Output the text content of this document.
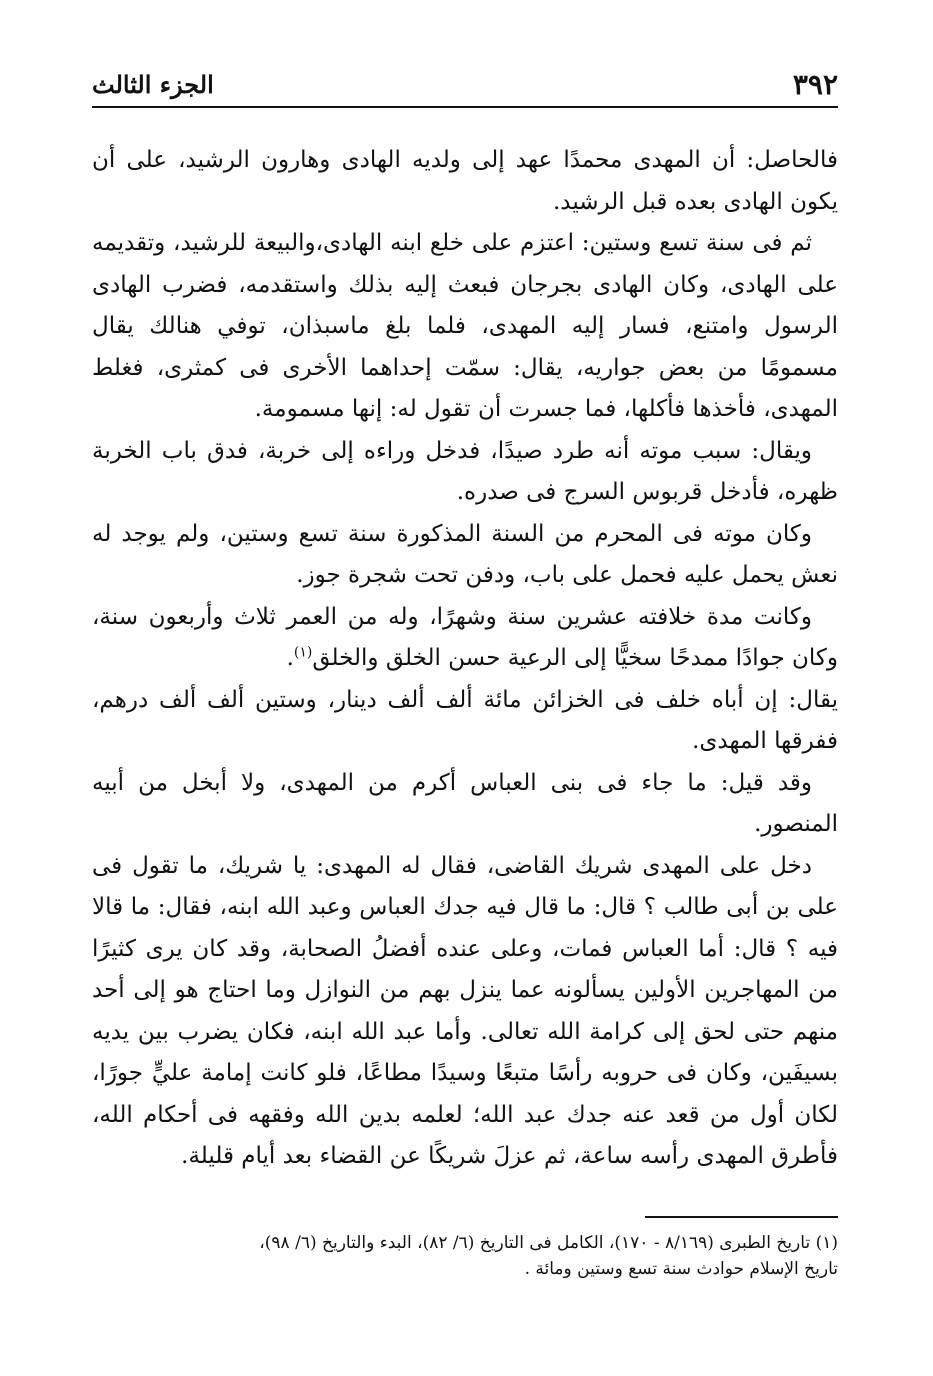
٣٩٢
الجزء الثالث

فالحاصل: أن المهدى محمدًا عهد إلى ولديه الهادى وهارون الرشيد، على أن يكون الهادى بعده قبل الرشيد.

ثم فى سنة تسع وستين: اعتزم على خلع ابنه الهادى،والبيعة للرشيد، وتقديمه على الهادى، وكان الهادى بجرجان فبعث إليه بذلك واستقدمه، فضرب الهادى الرسول وامتنع، فسار إليه المهدى، فلما بلغ ماسبذان، توفي هنالك يقال مسمومًا من بعض جواريه، يقال: سمّت إحداهما الأخرى فى كمثرى، فغلط المهدى، فأخذها فأكلها، فما جسرت أن تقول له: إنها مسمومة.

ويقال: سبب موته أنه طرد صيدًا، فدخل وراءه إلى خربة، فدق باب الخربة ظهره، فأدخل قربوس السرج فى صدره.

وكان موته فى المحرم من السنة المذكورة سنة تسع وستين، ولم يوجد له نعش يحمل عليه فحمل على باب، ودفن تحت شجرة جوز.

وكانت مدة خلافته عشرين سنة وشهرًا، وله من العمر ثلاث وأربعون سنة، وكان جوادًا ممدحًا سخيًّا إلى الرعية حسن الخلق والخلق$^{(١)}$.

يقال: إن أباه خلف فى الخزائن مائة ألف ألف دينار، وستين ألف ألف درهم، ففرقها المهدى.

وقد قيل: ما جاء فى بنى العباس أكرم من المهدى، ولا أبخل من أبيه المنصور.

دخل على المهدى شريك القاضى، فقال له المهدى: يا شريك، ما تقول فى على بن أبى طالب ؟ قال: ما قال فيه جدك العباس وعبد الله ابنه، فقال: ما قالا فيه ؟ قال: أما العباس فمات، وعلى عنده أفضلُ الصحابة، وقد كان يرى كثيرًا من المهاجرين الأولين يسألونه عما ينزل بهم من النوازل وما احتاج هو إلى أحد منهم حتى لحق إلى كرامة الله تعالى. وأما عبد الله ابنه، فكان يضرب بين يديه بسيفَين، وكان فى حروبه رأسًا متبعًا وسيدًا مطاعًا، فلو كانت إمامة عليٍّ جورًا، لكان أول من قعد عنه جدك عبد الله؛ لعلمه بدين الله وفقهه فى أحكام الله، فأطرق المهدى رأسه ساعة، ثم عزلَ شريكًا عن القضاء بعد أيام قليلة.

(١) تاريخ الطبرى (٨/١٦٩ - ١٧٠)، الكامل فى التاريخ (٦/ ٨٢)، البدء والتاريخ (٦/ ٩٨)،

تاريخ الإسلام حوادث سنة تسع وستين ومائة .
